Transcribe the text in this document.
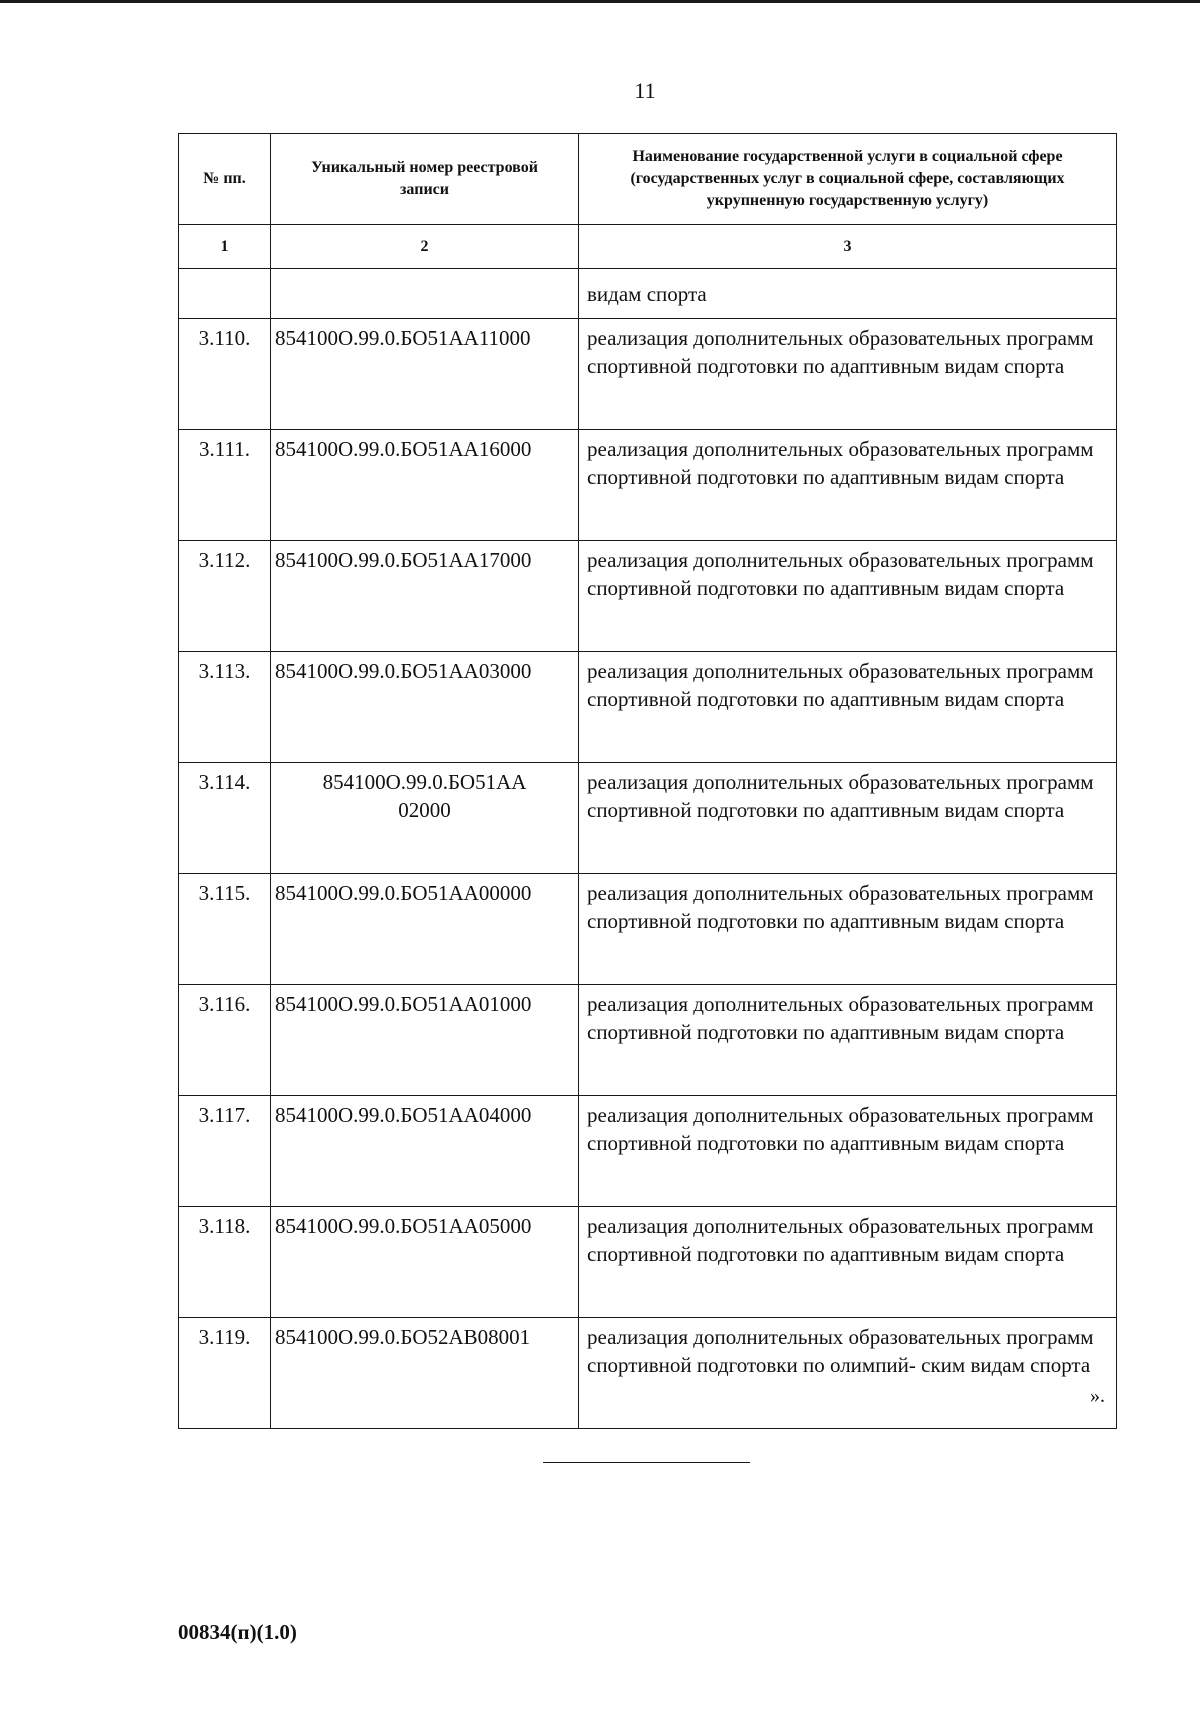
11
№ пп.	Уникальный номер реестровой записи	Наименование государственной услуги в социальной сфере (государственных услуг в социальной сфере, составляющих укрупненную государственную услугу)
1	2	3
		видам спорта
3.110.	854100О.99.0.БО51АА11000	реализация дополнительных образовательных программ спортивной подготовки по адаптивным видам спорта
3.111.	854100О.99.0.БО51АА16000	реализация дополнительных образовательных программ спортивной подготовки по адаптивным видам спорта
3.112.	854100О.99.0.БО51АА17000	реализация дополнительных образовательных программ спортивной подготовки по адаптивным видам спорта
3.113.	854100О.99.0.БО51АА03000	реализация дополнительных образовательных программ спортивной подготовки по адаптивным видам спорта
3.114.	854100О.99.0.БО51АА 02000	реализация дополнительных образовательных программ спортивной подготовки по адаптивным видам спорта
3.115.	854100О.99.0.БО51АА00000	реализация дополнительных образовательных программ спортивной подготовки по адаптивным видам спорта
3.116.	854100О.99.0.БО51АА01000	реализация дополнительных образовательных программ спортивной подготовки по адаптивным видам спорта
3.117.	854100О.99.0.БО51АА04000	реализация дополнительных образовательных программ спортивной подготовки по адаптивным видам спорта
3.118.	854100О.99.0.БО51АА05000	реализация дополнительных образовательных программ спортивной подготовки по адаптивным видам спорта
3.119.	854100О.99.0.БО52АВ08001	реализация дополнительных образовательных программ спортивной подготовки по олимпий- ским видам спорта
».
00834(п)(1.0)
